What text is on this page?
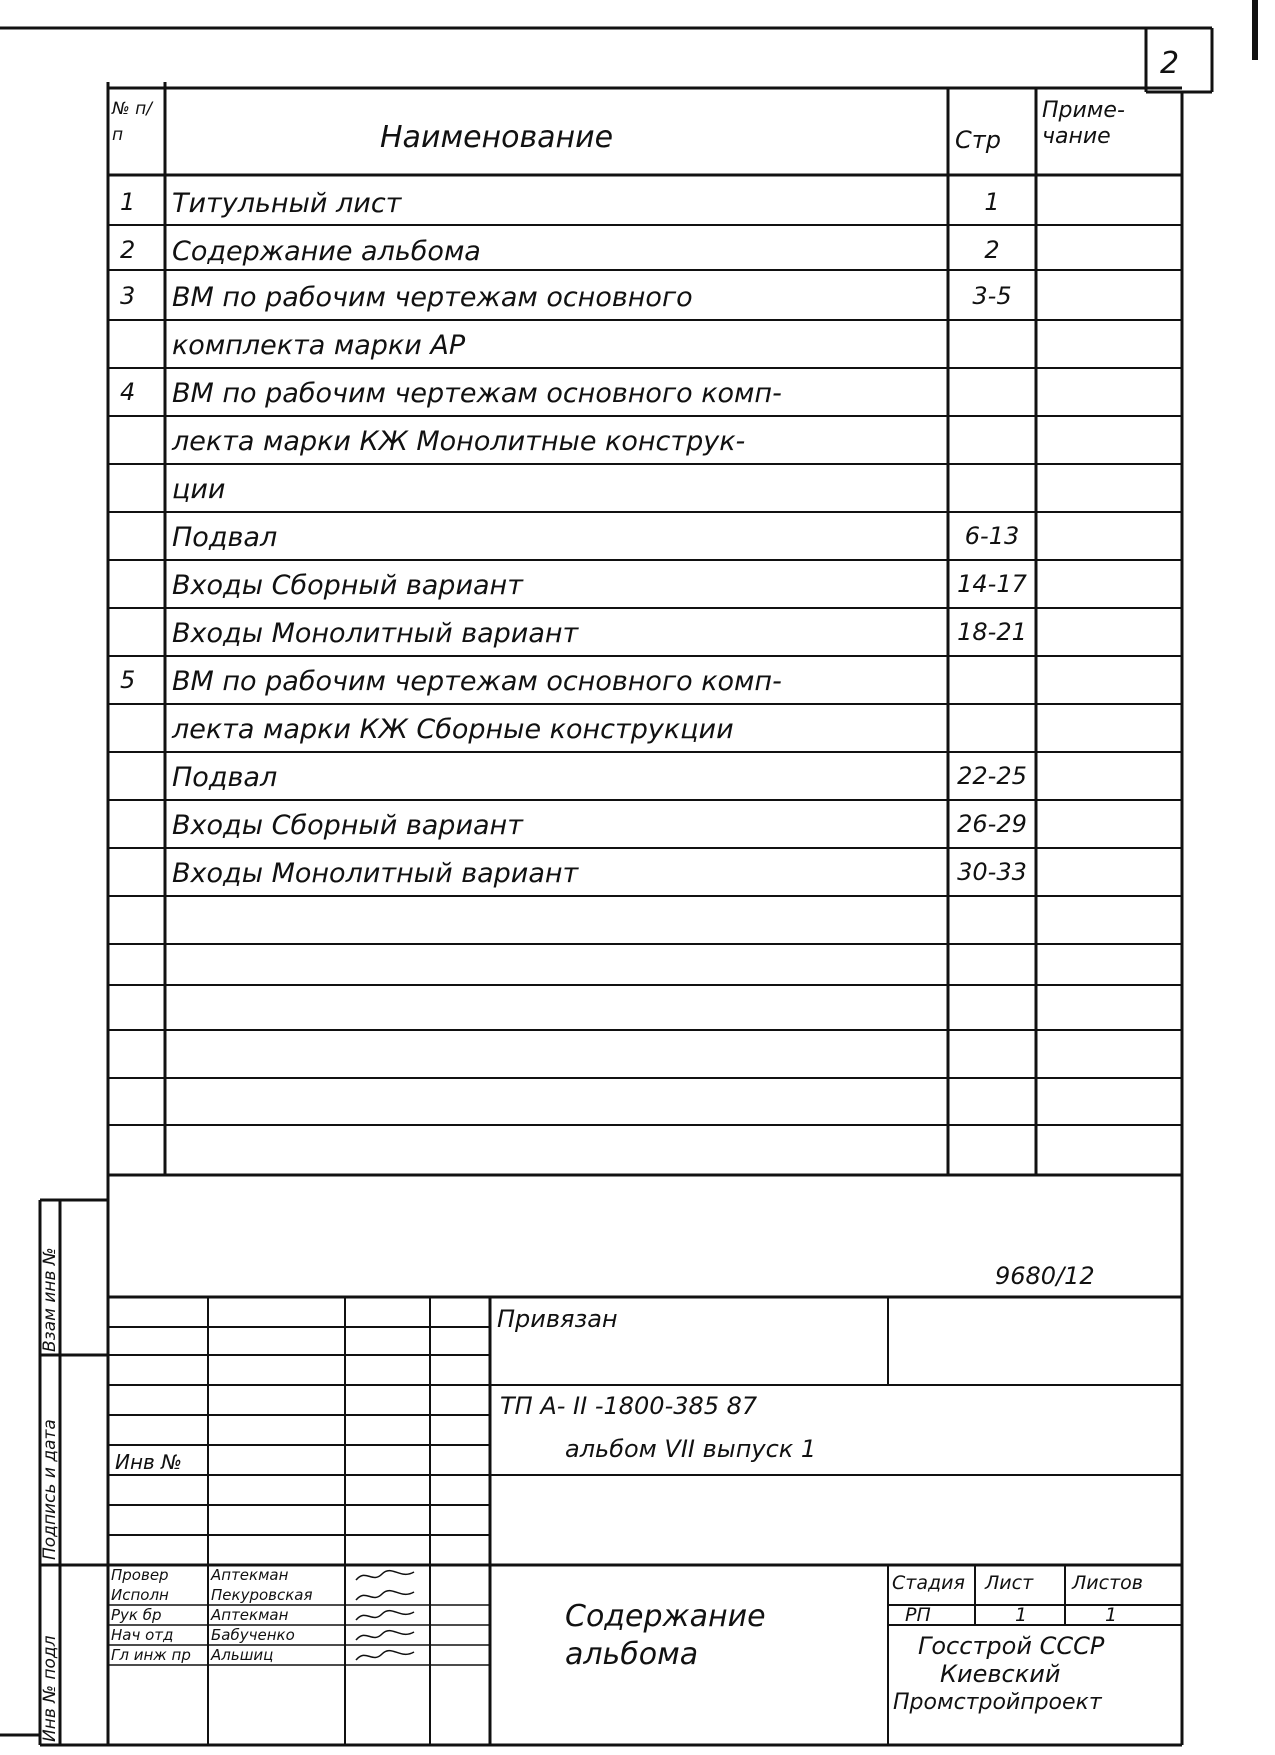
2
№ п/п	Наименование	Стр
Приме- чание
1 Титульный лист	1
2 Содержание альбома	2
3 ВМ по рабочим чертежам основного	3-5
комплекта марки АР
4 ВМ по рабочим чертежам основного комп-
лекта марки КЖ Монолитные конструк-
ции
Подвал	6-13
Входы Сборный вариант	14-17
Входы Монолитный вариант	18-21
5 ВМ по рабочим чертежам основного комп-
лекта марки КЖ Сборные конструкции
Подвал	22-25
Входы Сборный вариант	26-29
Входы Монолитный вариант	30-33
Взам инв №
Подпись и дата
Инв № подл
9680/12
Привязан
Инв №
ТП А- II -1800-385 87
альбом VII выпуск 1
Содержание альбома
Стадия Лист Листов
РП	1	1
Госстрой СССР
Киевский
Промстройпроект
Провер	Аптекман
Исполн	Пекуровская
Рук бр	Аптекман
Нач отд	Бабученко
Гл инж пр Альшиц
